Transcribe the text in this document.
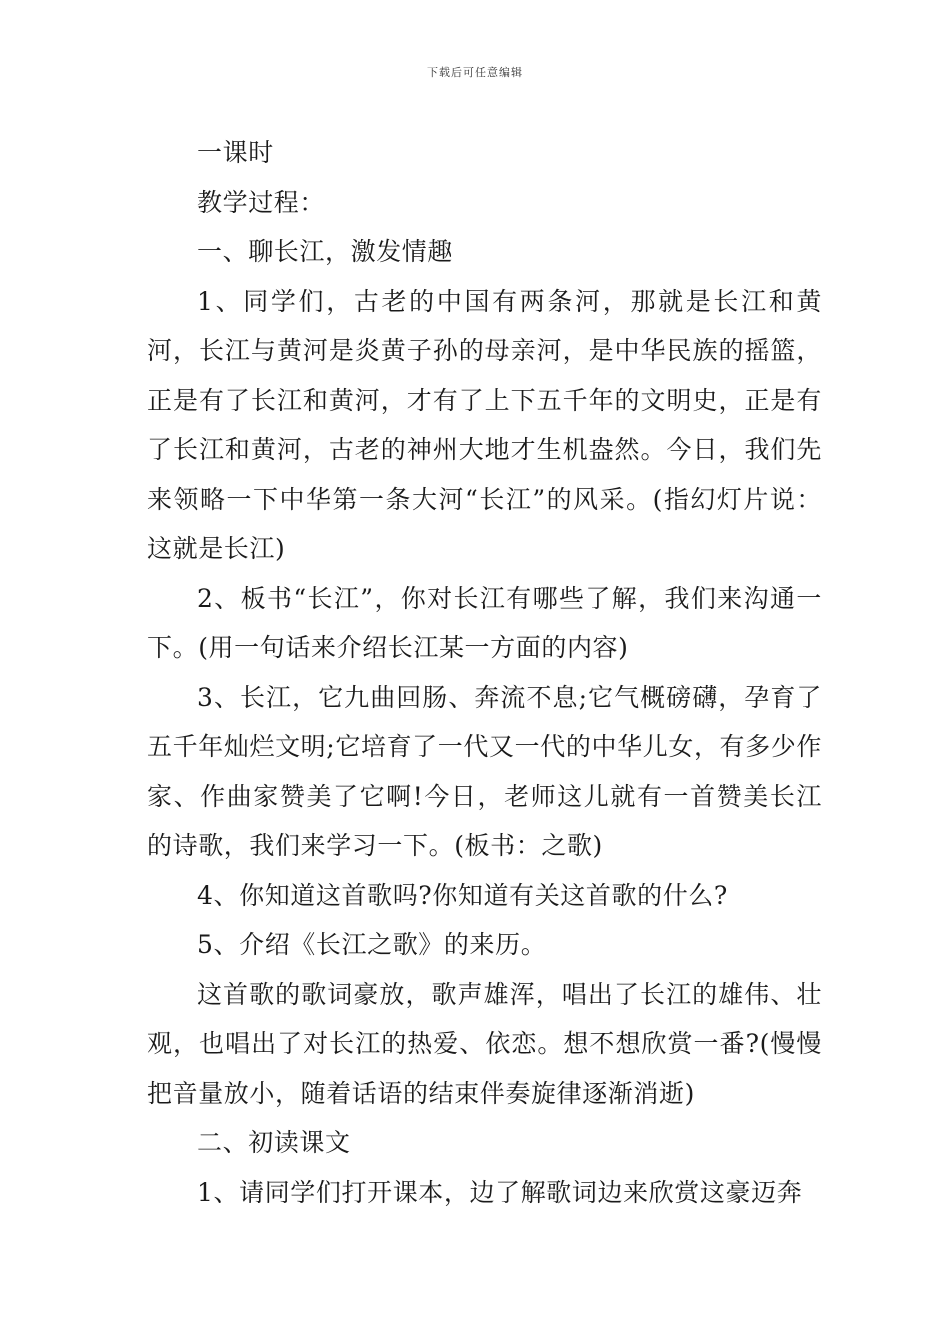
下载后可任意编辑

一课时

教学过程：

一、聊长江，激发情趣

1、同学们，古老的中国有两条河，那就是长江和黄河，长江与黄河是炎黄子孙的母亲河，是中华民族的摇篮，正是有了长江和黄河，才有了上下五千年的文明史，正是有了长江和黄河，古老的神州大地才生机盎然。今日，我们先来领略一下中华第一条大河“长江”的风采。(指幻灯片说：这就是长江)

2、板书“长江”，你对长江有哪些了解，我们来沟通一下。(用一句话来介绍长江某一方面的内容)

3、长江，它九曲回肠、奔流不息;它气概磅礴，孕育了五千年灿烂文明;它培育了一代又一代的中华儿女，有多少作家、作曲家赞美了它啊!今日，老师这儿就有一首赞美长江的诗歌，我们来学习一下。(板书：之歌)

4、你知道这首歌吗?你知道有关这首歌的什么?

5、介绍《长江之歌》的来历。

这首歌的歌词豪放，歌声雄浑，唱出了长江的雄伟、壮观，也唱出了对长江的热爱、依恋。想不想欣赏一番?(慢慢把音量放小，随着话语的结束伴奏旋律逐渐消逝)

二、初读课文

1、请同学们打开课本，边了解歌词边来欣赏这豪迈奔
